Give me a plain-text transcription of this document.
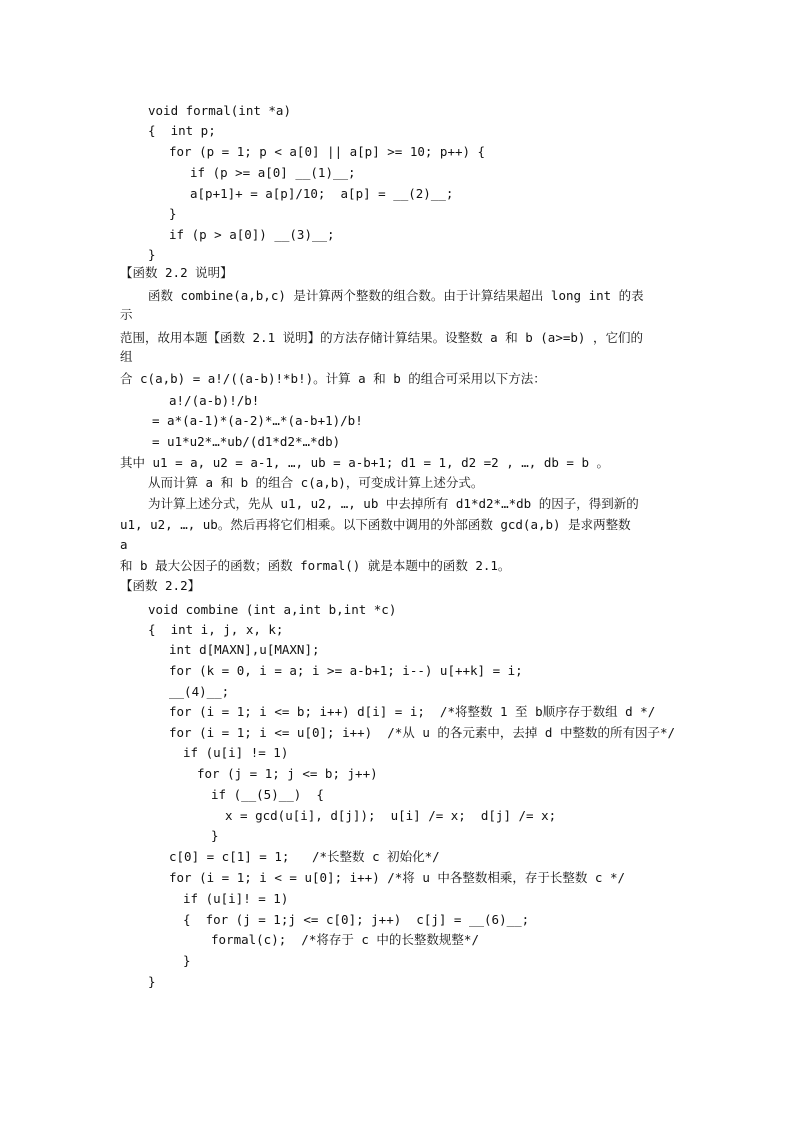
void formal(int *a)
{  int p;
for (p = 1; p < a[0] || a[p] >= 10; p++) {
if (p >= a[0] __(1)__;
a[p+1]+ = a[p]/10;  a[p] = __(2)__;
}
if (p > a[0]) __(3)__;
}
【函数 2.2 说明】
函数 combine(a,b,c) 是计算两个整数的组合数。由于计算结果超出 long int 的表
示
范围，故用本题【函数 2.1 说明】的方法存储计算结果。设整数 a 和 b (a>=b) ，它们的
组
合 c(a,b) = a!/((a-b)!*b!)。计算 a 和 b 的组合可采用以下方法：
a!/(a-b)!/b!
= a*(a-1)*(a-2)*…*(a-b+1)/b!
= u1*u2*…*ub/(d1*d2*…*db)
其中 u1 = a, u2 = a-1, …, ub = a-b+1; d1 = 1, d2 =2 , …, db = b 。
从而计算 a 和 b 的组合 c(a,b)，可变成计算上述分式。
为计算上述分式，先从 u1, u2, …, ub 中去掉所有 d1*d2*…*db 的因子，得到新的
u1, u2, …, ub。然后再将它们相乘。以下函数中调用的外部函数 gcd(a,b) 是求两整数
a
和 b 最大公因子的函数；函数 formal() 就是本题中的函数 2.1。
【函数 2.2】
void combine (int a,int b,int *c)
{  int i, j, x, k;
int d[MAXN],u[MAXN];
for (k = 0, i = a; i >= a-b+1; i--) u[++k] = i;
__(4)__;
for (i = 1; i <= b; i++) d[i] = i;  /*将整数 1 至 b顺序存于数组 d */
for (i = 1; i <= u[0]; i++)  /*从 u 的各元素中，去掉 d 中整数的所有因子*/
if (u[i] != 1)
for (j = 1; j <= b; j++)
if (__(5)__)  {
x = gcd(u[i], d[j]);  u[i] /= x;  d[j] /= x;
}
c[0] = c[1] = 1;   /*长整数 c 初始化*/
for (i = 1; i < = u[0]; i++) /*将 u 中各整数相乘，存于长整数 c */
if (u[i]! = 1)
{  for (j = 1;j <= c[0]; j++)  c[j] = __(6)__;
formal(c);  /*将存于 c 中的长整数规整*/
}
}
